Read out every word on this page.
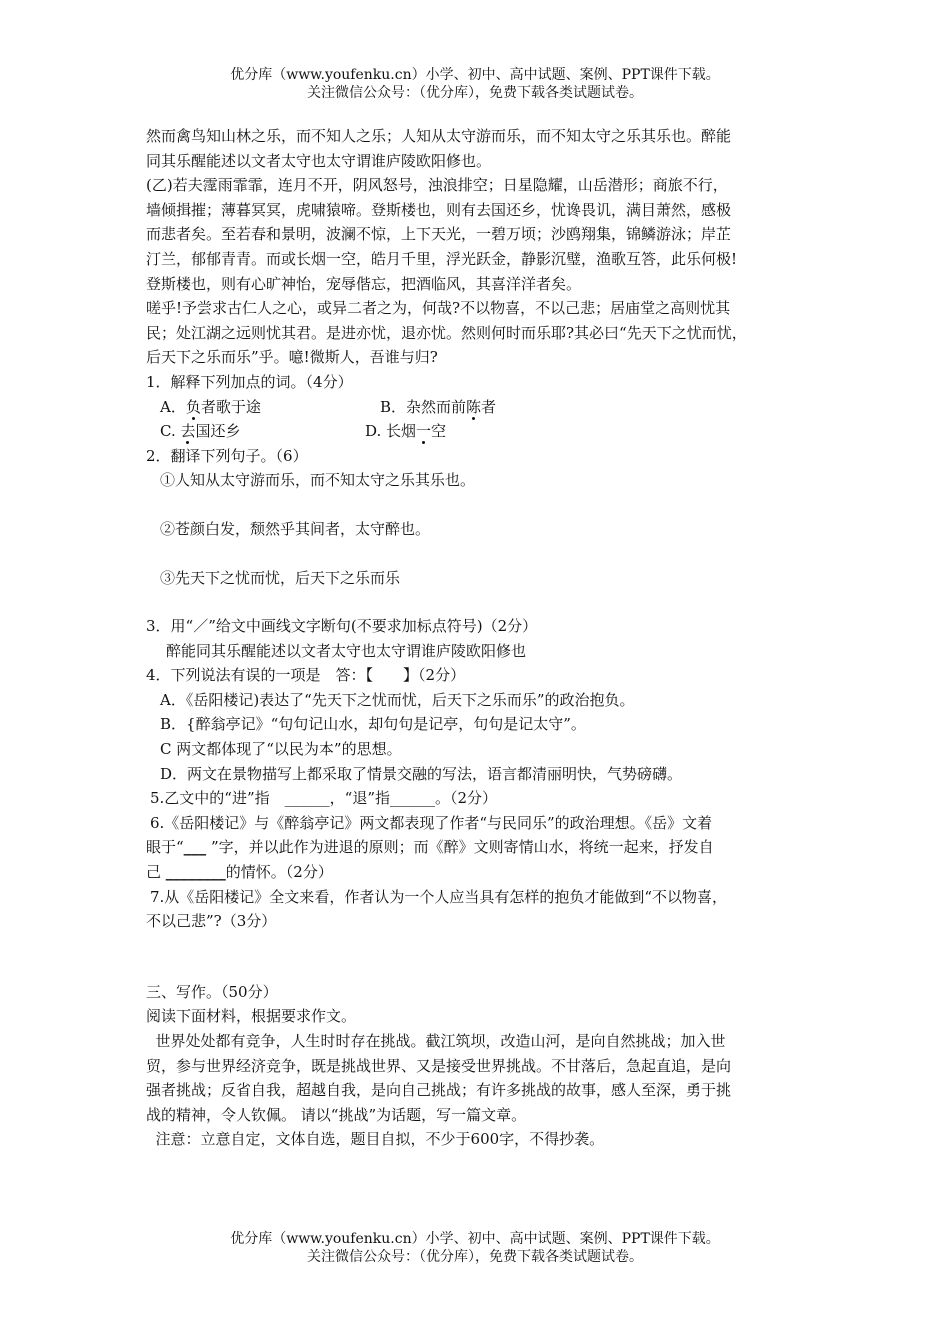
优分库（www.youfenku.cn）小学、初中、高中试题、案例、PPT课件下载。
关注微信公众号：（优分库），免费下载各类试题试卷。

然而禽鸟知山林之乐，而不知人之乐；人知从太守游而乐，而不知太守之乐其乐也。醉能

同其乐醒能述以文者太守也太守谓谁庐陵欧阳修也。

(乙)若夫霪雨霏霏，连月不开，阴风怒号，浊浪排空；日星隐耀，山岳潜形；商旅不行，

墙倾揖摧；薄暮冥冥，虎啸猿啼。登斯楼也，则有去国还乡，忧谗畏讥，满目萧然，感极

而悲者矣。至若春和景明，波澜不惊，上下天光，一碧万顷；沙鸥翔集，锦鳞游泳；岸芷

汀兰，郁郁青青。而或长烟一空，皓月千里，浮光跃金，静影沉璧，渔歌互答，此乐何极!

登斯楼也，则有心旷神怡，宠辱偕忘，把酒临风，其喜洋洋者矣。

嗟乎!予尝求古仁人之心，或异二者之为，何哉?不以物喜，不以己悲；居庙堂之高则忧其

民；处江湖之远则忧其君。是进亦忧，退亦忧。然则何时而乐耶?其必曰“先天下之忧而忧，

后天下之乐而乐”乎。噫!微斯人，吾谁与归?

1．解释下列加点的词。（4分）

A．负者歌于途	B．杂然而前陈者
C. 去国还乡	D. 长烟一空

2．翻译下列句子。（6）

①人知从太守游而乐，而不知太守之乐其乐也。

②苍颜白发，颓然乎其间者，太守醉也。

③先天下之忧而忧，后天下之乐而乐

3．用“／”给文中画线文字断句(不要求加标点符号)（2分）

醉能同其乐醒能述以文者太守也太守谓谁庐陵欧阳修也

4．下列说法有误的一项是　答：【　　】（2分）

A．《岳阳楼记)表达了“先天下之忧而忧，后天下之乐而乐”的政治抱负。

B．{醉翁亭记》“句句记山水，却句句是记亭，句句是记太守”。

C 两文都体现了“以民为本”的思想。

D．两文在景物描写上都采取了情景交融的写法，语言都清丽明快，气势磅礴。

5.乙文中的“进”指　______，“退”指______。（2分）

6.《岳阳楼记》与《醉翁亭记》两文都表现了作者“与民同乐”的政治理想。《岳》文着

眼于“___ ”字，并以此作为进退的原则；而《醉》文则寄情山水，将统一起来，抒发自

己 ________的情怀。（2分）

7.从《岳阳楼记》全文来看，作者认为一个人应当具有怎样的抱负才能做到“不以物喜，

不以己悲”?（3分）

三、写作。（50分）

阅读下面材料，根据要求作文。

世界处处都有竞争，人生时时存在挑战。截江筑坝，改造山河，是向自然挑战；加入世

贸，参与世界经济竞争，既是挑战世界、又是接受世界挑战。不甘落后，急起直追，是向

强者挑战；反省自我，超越自我，是向自己挑战；有许多挑战的故事，感人至深，勇于挑

战的精神，令人钦佩。 请以“挑战”为话题，写一篇文章。

注意：立意自定，文体自选，题目自拟，不少于600字，不得抄袭。

优分库（www.youfenku.cn）小学、初中、高中试题、案例、PPT课件下载。
关注微信公众号：（优分库），免费下载各类试题试卷。
